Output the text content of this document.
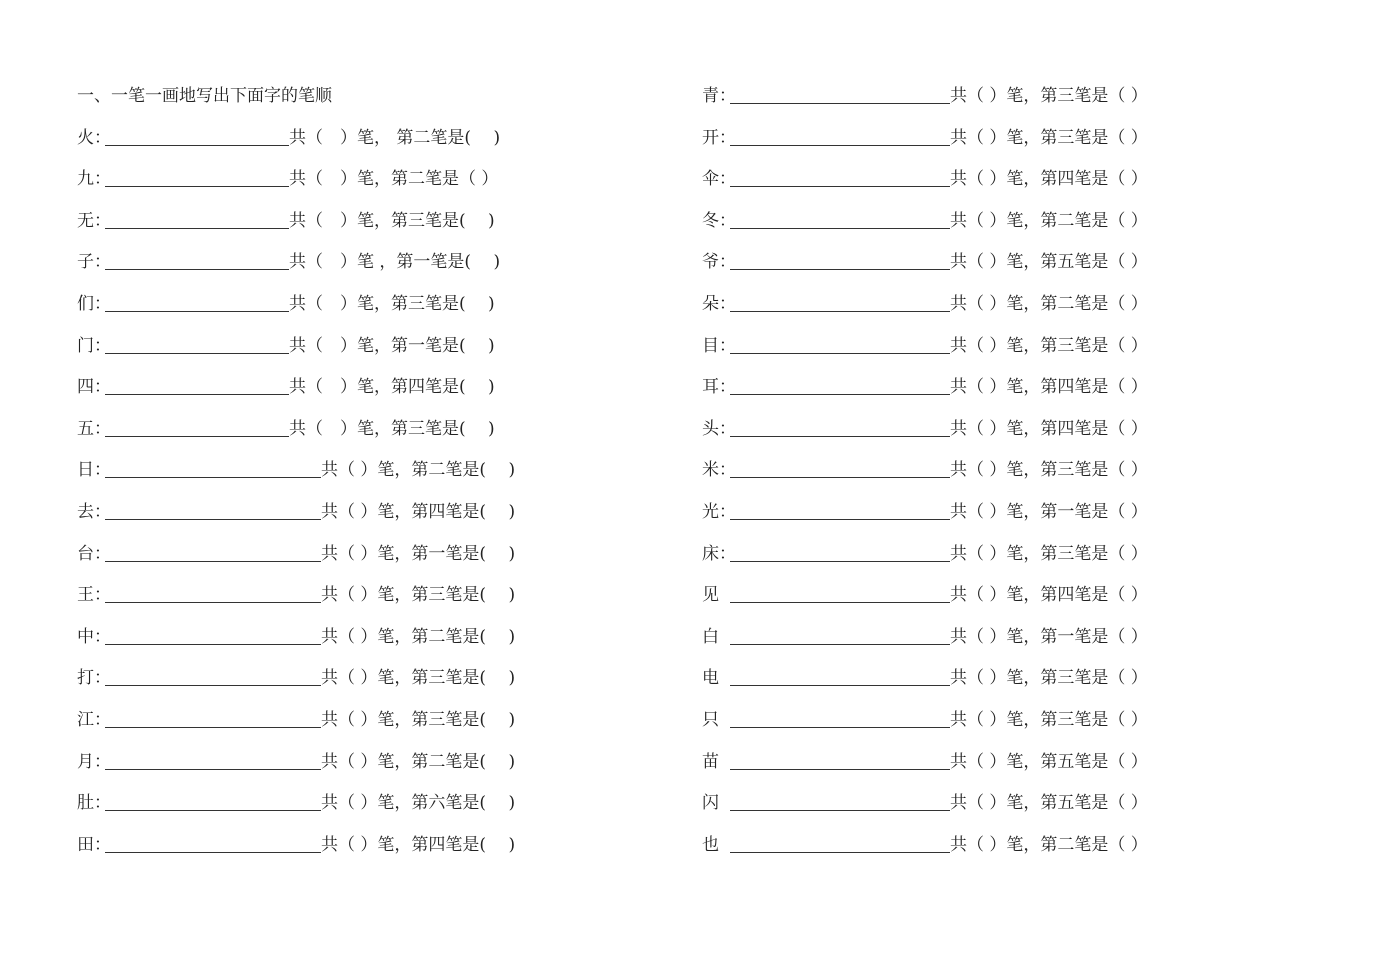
一、一笔一画地写出下面字的笔顺
火：	共（　）笔， 第二笔是(　 )
九：	共（　）笔，第二笔是（ ）
无：	共（　）笔，第三笔是(　 )
子：	共（　）笔 ，第一笔是(　 )
们：	共（　）笔，第三笔是(　 )
门：	共（　）笔，第一笔是(　 )
四：	共（　）笔，第四笔是(　 )
五：	共（　）笔，第三笔是(　 )
日：	共（ ）笔，第二笔是(　 )
去：	共（ ）笔，第四笔是(　 )
台：	共（ ）笔，第一笔是(　 )
王：	共（ ）笔，第三笔是(　 )
中：	共（ ）笔，第二笔是(　 )
打：	共（ ）笔，第三笔是(　 )
江：	共（ ）笔，第三笔是(　 )
月：	共（ ）笔，第二笔是(　 )
肚：	共（ ）笔，第六笔是(　 )
田：	共（ ）笔，第四笔是(　 )
青：	共（ ）笔，第三笔是（ ）
开：	共（ ）笔，第三笔是（ ）
伞：	共（ ）笔，第四笔是（ ）
冬：	共（ ）笔，第二笔是（ ）
爷：	共（ ）笔，第五笔是（ ）
朵：	共（ ）笔，第二笔是（ ）
目：	共（ ）笔，第三笔是（ ）
耳：	共（ ）笔，第四笔是（ ）
头：	共（ ）笔，第四笔是（ ）
米：	共（ ）笔，第三笔是（ ）
光：	共（ ）笔，第一笔是（ ）
床：	共（ ）笔，第三笔是（ ）
见	共（ ）笔，第四笔是（ ）
白	共（ ）笔，第一笔是（ ）
电	共（ ）笔，第三笔是（ ）
只	共（ ）笔，第三笔是（ ）
苗	共（ ）笔，第五笔是（ ）
闪	共（ ）笔，第五笔是（ ）
也	共（ ）笔，第二笔是（ ）
